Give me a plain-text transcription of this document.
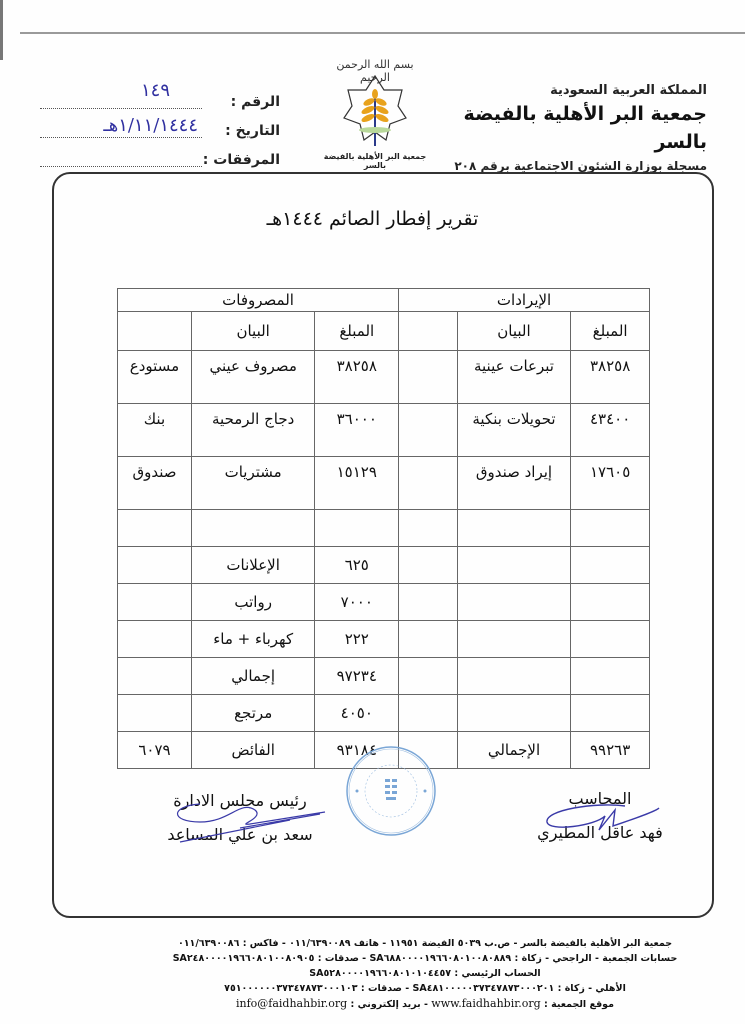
المملكة العربية السعودية
جمعية البر الأهلية بالفيضة بالسر
مسجلة بوزارة الشئون الاجتماعية برقم ٢٠٨
بسم الله الرحمن الرحيم
جمعية البر الأهلية بالفيضة بالسر
الرقم :
١٤٩
التاريخ :
١/١١/١٤٤٤هـ
المرفقات :
تقرير إفطار الصائم ١٤٤٤هـ
الإيرادات			المصروفات		
المبلغ	البيان		المبلغ	البيان	
٣٨٢٥٨	تبرعات عينية		٣٨٢٥٨	مصروف عيني	مستودع
٤٣٤٠٠	تحويلات بنكية		٣٦٠٠٠	دجاج الرمحية	بنك
١٧٦٠٥	إيراد صندوق		١٥١٢٩	مشتريات	صندوق

			٦٢٥	الإعلانات	
			٧٠٠٠	رواتب	
			٢٢٢	كهرباء + ماء	
			٩٧٢٣٤	إجمالي	
			٤٠٥٠	مرتجع	
٩٩٢٦٣	الإجمالي		٩٣١٨٤	الفائض	٦٠٧٩
المحاسب
فهد عاقل المطيري
رئيس مجلس الادارة
سعد بن علي المساعد
جمعية البر الأهلية بالفيضة بالسر - ص.ب ٥٠٣٩ الفيضة ١١٩٥١ - هاتف ٠١١/٦٣٩٠٠٨٩ - فاكس : ٠١١/٦٣٩٠٠٨٦
حسابات الجمعية - الراجحي - زكاة : SA٦٨٨٠٠٠٠١٩٦٦٠٨٠١٠٠٨٠٨٨٩ - صدقات : SA٢٤٨٠٠٠٠١٩٦٦٠٨٠١٠٠٨٠٩٠٥
الحساب الرئيسي : SA٥٢٨٠٠٠٠١٩٦٦٠٨٠١٠١٠٤٤٥٧
الأهلي - زكاة : SA٤٨١٠٠٠٠٠٣٧٣٤٧٨٧٣٠٠٠٢٠١ - صدقات : ٧٥١٠٠٠٠٠٠٣٧٣٤٧٨٧٣٠٠٠١٠٣
موقع الجمعية : www.faidhahbir.org - بريد إلكتروني : info@faidhahbir.org
